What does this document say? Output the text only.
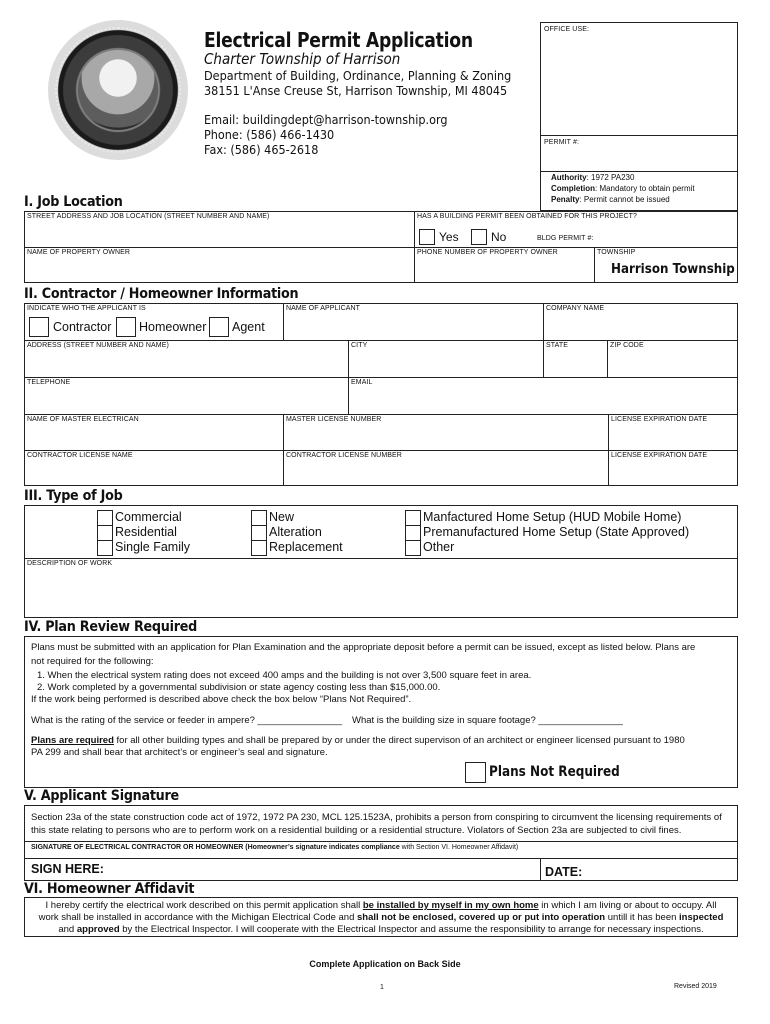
Electrical Permit Application
Charter Township of Harrison
Department of Building, Ordinance, Planning & Zoning
38151 L'Anse Creuse St, Harrison Township, MI 48045
Email: buildingdept@harrison-township.org
Phone: (586) 466-1430
Fax: (586) 465-2618
OFFICE USE:
PERMIT #:
Authority: 1972 PA230
Completion: Mandatory to obtain permit
Penalty: Permit cannot be issued
I. Job Location
STREET ADDRESS AND JOB LOCATION (STREET NUMBER AND NAME)	HAS A BUILDING PERMIT BEEN OBTAINED FOR THIS PROJECT?
Yes	No	BLDG PERMIT #:
NAME OF PROPERTY OWNER	PHONE NUMBER OF PROPERTY OWNER	TOWNSHIP
Harrison Township
II. Contractor / Homeowner Information
INDICATE WHO THE APPLICANT IS
Contractor Homeowner Agent
NAME OF APPLICANT	COMPANY NAME
ADDRESS (STREET NUMBER AND NAME)	CITY	STATE	ZIP CODE
TELEPHONE	EMAIL
NAME OF MASTER ELECTRICAN	MASTER LICENSE NUMBER	LICENSE EXPIRATION DATE
CONTRACTOR LICENSE NAME	CONTRACTOR LICENSE NUMBER	LICENSE EXPIRATION DATE
III. Type of Job
Commercial
Residential
Single Family
New
Alteration
Replacement
Manfactured Home Setup (HUD Mobile Home)
Premanufactured Home Setup (State Approved)
Other
DESCRIPTION OF WORK
IV. Plan Review Required
Plans must be submitted with an application for Plan Examination and the appropriate deposit before a permit can be issued, except as listed below. Plans are
not required for the following:
1. When the electrical system rating does not exceed 400 amps and the building is not over 3,500 square feet in area.
2. Work completed by a governmental subdivision or state agency costing less than $15,000.00.
If the work being performed is described above check the box below “Plans Not Required”.
What is the rating of the service or feeder in ampere? ________________ What is the building size in square footage? ________________
Plans are required for all other building types and shall be prepared by or under the direct supervison of an architect or engineer licensed pursuant to 1980
PA 299 and shall bear that architect’s or engineer’s seal and signature.
Plans Not Required
V. Applicant Signature
Section 23a of the state construction code act of 1972, 1972 PA 230, MCL 125.1523A, prohibits a person from conspiring to circumvent the licensing requirements of
this state relating to persons who are to perform work on a residential building or a residential structure. Violators of Section 23a are subjected to civil fines.
SIGNATURE OF ELECTRICAL CONTRACTOR OR HOMEOWNER (Homeowner’s signature indicates compliance with Section VI. Homeowner Affidavit)
SIGN HERE:	DATE:
VI. Homeowner Affidavit
I hereby certify the electrical work described on this permit application shall be installed by myself in my own home in which I am living or about to occupy. All
work shall be installed in accordance with the Michigan Electrical Code and shall not be enclosed, covered up or put into operation untill it has been inspected
and approved by the Electrical Inspector. I will cooperate with the Electrical Inspector and assume the responsibility to arrange for necessary inspections.
Complete Application on Back Side
1	Revised 2019
